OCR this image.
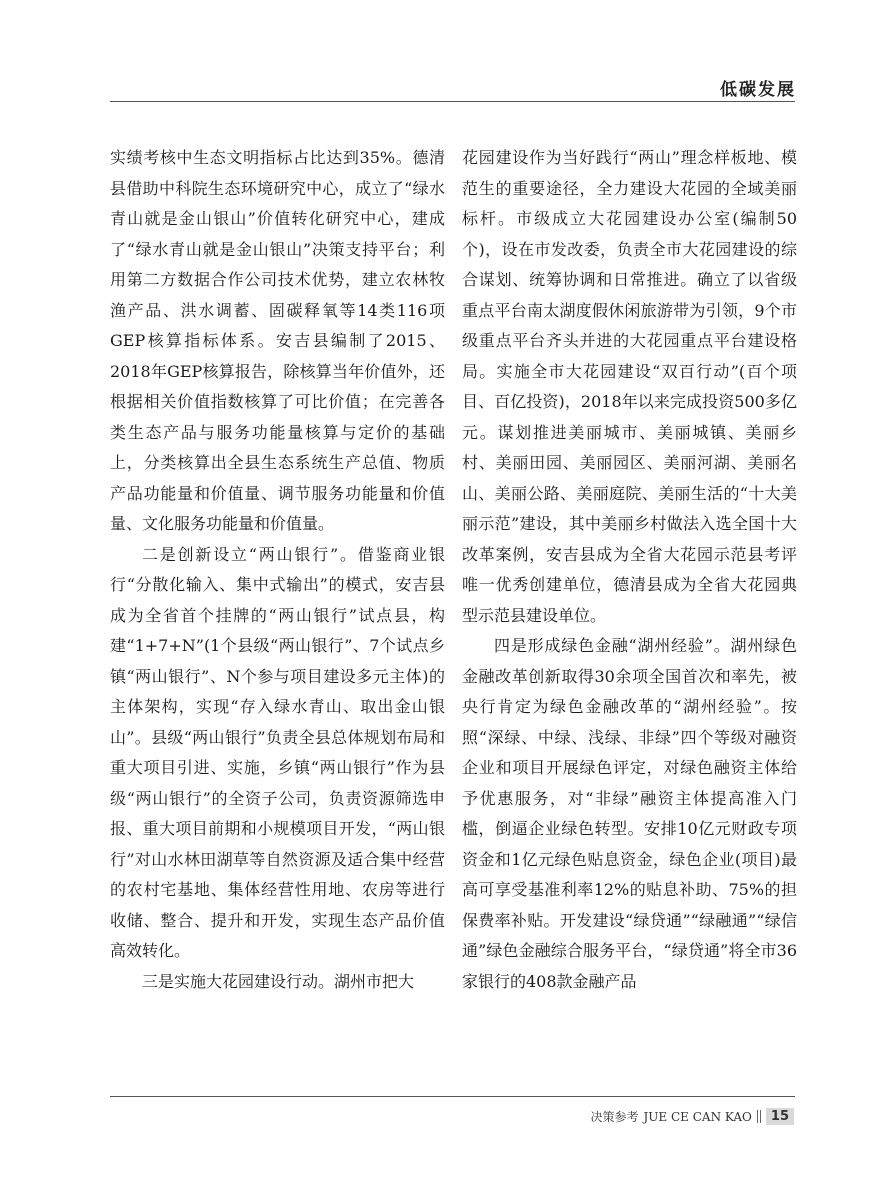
低碳发展

实绩考核中生态文明指标占比达到35%。德清县借助中科院生态环境研究中心，成立了“绿水青山就是金山银山”价值转化研究中心，建成了“绿水青山就是金山银山”决策支持平台；利用第二方数据合作公司技术优势，建立农林牧渔产品、洪水调蓄、固碳释氧等14类116项GEP核算指标体系。安吉县编制了2015、2018年GEP核算报告，除核算当年价值外，还根据相关价值指数核算了可比价值；在完善各类生态产品与服务功能量核算与定价的基础上，分类核算出全县生态系统生产总值、物质产品功能量和价值量、调节服务功能量和价值量、文化服务功能量和价值量。

二是创新设立“两山银行”。借鉴商业银行“分散化输入、集中式输出”的模式，安吉县成为全省首个挂牌的“两山银行”试点县，构建“1+7+N”(1个县级“两山银行”、7个试点乡镇“两山银行”、N个参与项目建设多元主体)的主体架构，实现“存入绿水青山、取出金山银山”。县级“两山银行”负责全县总体规划布局和重大项目引进、实施，乡镇“两山银行”作为县级“两山银行”的全资子公司，负责资源筛选申报、重大项目前期和小规模项目开发，“两山银行”对山水林田湖草等自然资源及适合集中经营的农村宅基地、集体经营性用地、农房等进行收储、整合、提升和开发，实现生态产品价值高效转化。

三是实施大花园建设行动。湖州市把大

花园建设作为当好践行“两山”理念样板地、模范生的重要途径，全力建设大花园的全域美丽标杆。市级成立大花园建设办公室(编制50个)，设在市发改委，负责全市大花园建设的综合谋划、统筹协调和日常推进。确立了以省级重点平台南太湖度假休闲旅游带为引领，9个市级重点平台齐头并进的大花园重点平台建设格局。实施全市大花园建设“双百行动”(百个项目、百亿投资)，2018年以来完成投资500多亿元。谋划推进美丽城市、美丽城镇、美丽乡村、美丽田园、美丽园区、美丽河湖、美丽名山、美丽公路、美丽庭院、美丽生活的“十大美丽示范”建设，其中美丽乡村做法入选全国十大改革案例，安吉县成为全省大花园示范县考评唯一优秀创建单位，德清县成为全省大花园典型示范县建设单位。

四是形成绿色金融“湖州经验”。湖州绿色金融改革创新取得30余项全国首次和率先，被央行肯定为绿色金融改革的“湖州经验”。按照“深绿、中绿、浅绿、非绿”四个等级对融资企业和项目开展绿色评定，对绿色融资主体给予优惠服务，对“非绿”融资主体提高准入门槛，倒逼企业绿色转型。安排10亿元财政专项资金和1亿元绿色贴息资金，绿色企业(项目)最高可享受基准利率12%的贴息补助、75%的担保费率补贴。开发建设“绿贷通”“绿融通”“绿信通”绿色金融综合服务平台，“绿贷通”将全市36家银行的408款金融产品

决策参考 JUE CE CAN KAO	15
